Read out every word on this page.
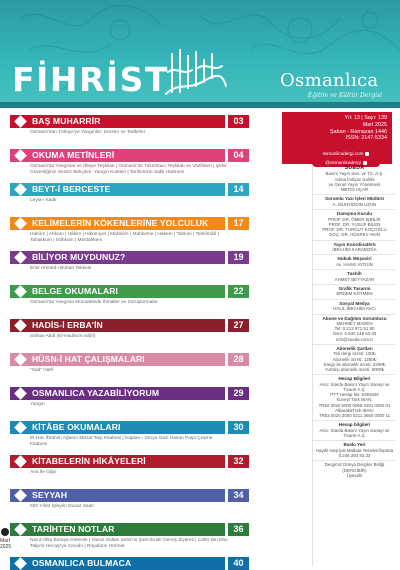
FİHRİST	Osmanlıca
Eğitim ve Kültür Dergisi
Mart 2025
BAŞ MUHARRİR	03
Osmanlı'dan Türkiye'ye Yangınlar: Dersler ve Tedbirler
OKUMA METİNLERİ	04
Osmanlı'da Yangınlar ve İtfaiye Teşkilatı | Osmanlı'da Tulumbacı Teşkilatı ve Vazifeleri | Şehir Güvenliğinin Sessiz Bekçileri: Yangın Kuleleri | Tarihimizin Sakli Hazinesi
BEYT-İ BERCESTE	14
Leyla-i Kadir
KELİMELERİN KÖKENLERİNE YOLCULUK	17
Hükûm | Ahkam | Hâkim | Hâkimiyet | Mahkûm | Mahkeme | Hakem | Tahkim | Tahkîmâtî | Tahakküm | İstihkam | Müstahkem
BİLİYOR MUYDUNUZ?	19
Emir Ahmed-i Buhari Tekkesi
BELGE OKUMALARI	22
Osmanlı'da Yangınla Mücadelede İhmaller ve Soruşturmalar
HADİS-İ ERBA'İN	27
Sıhhat-Abdî (El-Hadisü's-Sâbî)
HÜSN-İ HAT ÇALIŞMALARI	28
"Sad" Harfi
OSMANLICA YAZABİLİYORUM	29
Yangın
KİTÂBE OKUMALARI	30
El-Hac İbrahim Ağanın Mezar Taşı Kitabesi | Kaptan-ı Derya Gazi Hasan Paşa Çeşme Kitabesi
KİTABELERİN HİKÂYELERİ	32
Ana İle Oğul
SEYYAH	34
550 Yıldır İşleyen Dunar Saati
TARİHTEN NOTLAR	36
Nazıl Olsa Buraya Gelecek | Yavuz Sultan Selim'in Şam'da Bir Derviş Ziyareti | Cafer Bin Ebu Talip'in Hecaşi'ye Cevabı | Rüyaların Hürmet
OSMANLICA BULMACA	40
Yıl: 13 | Sayı: 139
Mart 2025
Şaban - Ramazan 1446
ISSN: 2147-5334
osmanlicadergi.com
@osmanlicadergi
SÜEDA
Basım Yayın San. ve Tic. A.Ş.
Adına İmtiyaz Sahibi
ve Genel Yayın Yönetmeni
METİN UÇAR
Sorumlu Yazı İşleri Müdürü
A. MUHYİDDİN UZUN
Danışma Kurulu
PROF. DR. ÖMER İŞBİLİR
PROF. DR. YUSUF BİLEN
PROF. DR. TURGUT KOÇOĞLU
DOÇ. DR. HÜSREV AKIN
Yayın Koordinatörü
İBRAHİM KARABOĞA
Hukuk Müşaviri
Av. HAKKI AYGÜN
Tashih
AHMET BEYYAZAR
Grafik Tasarım
ERDEM KÖYMEN
Sosyal Medya
HALİL İBRAHİM AVCI
Abone ve Dağıtım Sorumlusu
MEHMET MADEN
Tel: 0.212 671 51 80
Gsm: 0.530 148 63 83
info@sueda.com.tr
Abonelik Şartları
Tek dergi ücreti: 100₺
Abonelik ücreti: 1250₺
Kargo ile abonelik ücreti: 2250₺
Yurtdışı abonelik ücreti: 5000₺
Hesap Bilgileri
Alıcı: Süeda Basım Yayın Sanayi ve
Ticaret A.Ş.
PTT Hesap No: 6391849
Kuveyt Türk IBAN:
TR82 0020 5000 0068 3301 0000 01
AlbarakaTürk IBAN:
TR53 0020 3000 0211 3660 0000 11
Hesap bilgileri
Alıcı: Süeda Basım Yayın Sanayi ve
Ticaret A.Ş.
Baskı Yeri
Haydit Neşriyat Matbaa Tesisleri/İsparta
0.246 293 83 33
Dergimiz Dünya Dergiler Birliği (DERGİBİR)
Üyesidir
